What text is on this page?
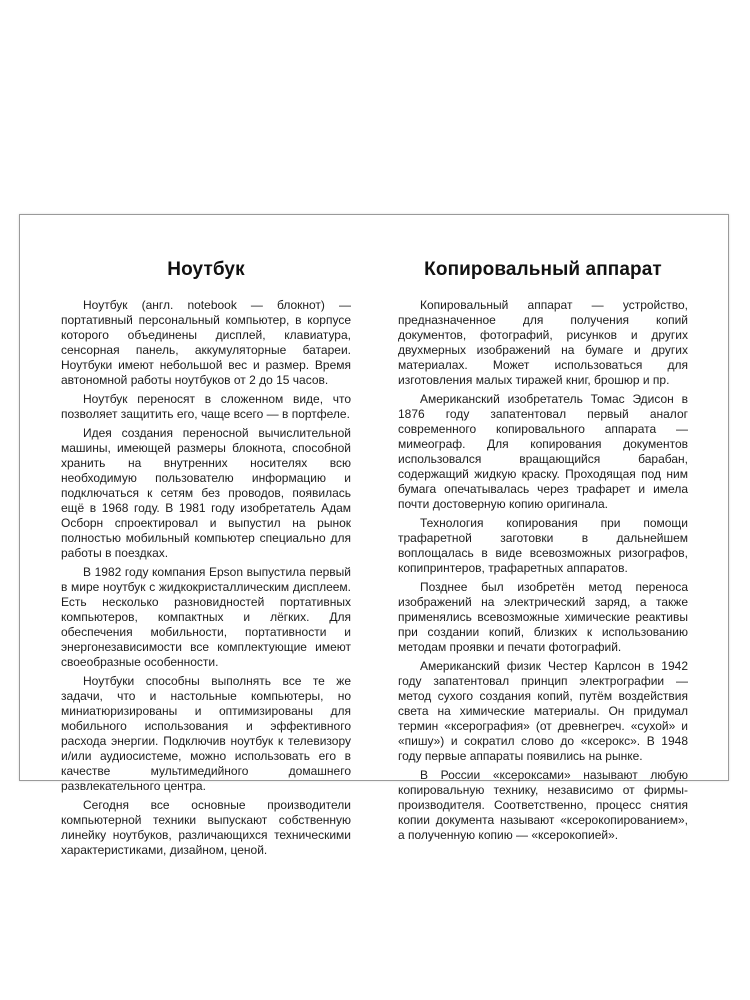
Ноутбук

Ноутбук (англ. notebook — блокнот) — портативный персональный компьютер, в корпусе которого объединены дисплей, клавиатура, сенсорная панель, аккумуляторные батареи. Ноутбуки имеют небольшой вес и размер. Время автономной работы ноутбуков от 2 до 15 часов.

Ноутбук переносят в сложенном виде, что позволяет защитить его, чаще всего — в портфеле.

Идея создания переносной вычислительной машины, имеющей размеры блокнота, способной хранить на внутренних носителях всю необходимую пользователю информацию и подключаться к сетям без проводов, появилась ещё в 1968 году. В 1981 году изобретатель Адам Осборн спроектировал и выпустил на рынок полностью мобильный компьютер специально для работы в поездках.

В 1982 году компания Epson выпустила первый в мире ноутбук с жидкокристаллическим дисплеем. Есть несколько разновидностей портативных компьютеров, компактных и лёгких. Для обеспечения мобильности, портативности и энергонезависимости все комплектующие имеют своеобразные особенности.

Ноутбуки способны выполнять все те же задачи, что и настольные компьютеры, но миниатюризированы и оптимизированы для мобильного использования и эффективного расхода энергии. Подключив ноутбук к телевизору и/или аудиосистеме, можно использовать его в качестве мультимедийного домашнего развлекательного центра.

Сегодня все основные производители компьютерной техники выпускают собственную линейку ноутбуков, различающихся техническими характеристиками, дизайном, ценой.

Копировальный аппарат

Копировальный аппарат — устройство, предназначенное для получения копий документов, фотографий, рисунков и других двухмерных изображений на бумаге и других материалах. Может использоваться для изготовления малых тиражей книг, брошюр и пр.

Американский изобретатель Томас Эдисон в 1876 году запатентовал первый аналог современного копировального аппарата — мимеограф. Для копирования документов использовался вращающийся барабан, содержащий жидкую краску. Проходящая под ним бумага опечатывалась через трафарет и имела почти достоверную копию оригинала.

Технология копирования при помощи трафаретной заготовки в дальнейшем воплощалась в виде всевозможных ризографов, копипринтеров, трафаретных аппаратов.

Позднее был изобретён метод переноса изображений на электрический заряд, а также применялись всевозможные химические реактивы при создании копий, близких к использованию методам проявки и печати фотографий.

Американский физик Честер Карлсон в 1942 году запатентовал принцип электрографии — метод сухого создания копий, путём воздействия света на химические материалы. Он придумал термин «ксерография» (от древнегреч. «сухой» и «пишу») и сократил слово до «ксерокс». В 1948 году первые аппараты появились на рынке.

В России «ксероксами» называют любую копировальную технику, независимо от фирмы-производителя. Соответственно, процесс снятия копии документа называют «ксерокопированием», а полученную копию — «ксерокопией».
